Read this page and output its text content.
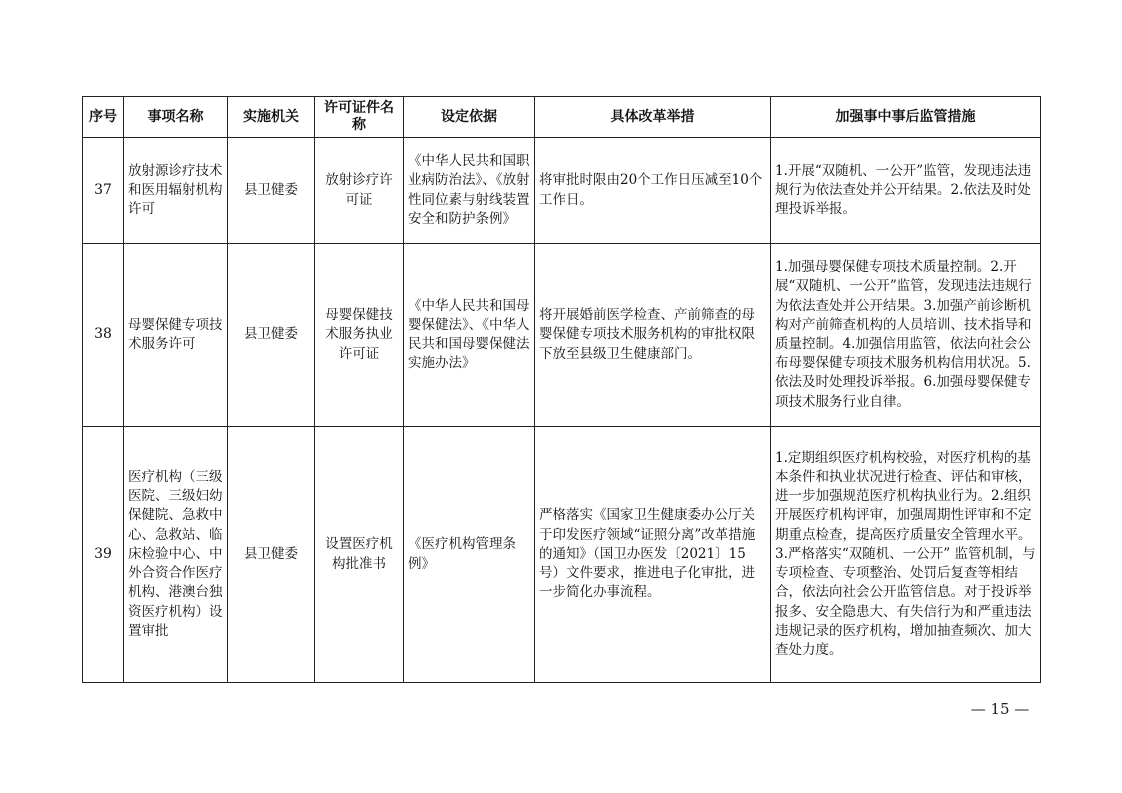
序号	事项名称	实施机关	许可证件名称	设定依据	具体改革举措	加强事中事后监管措施
37	放射源诊疗技术和医用辐射机构许可	县卫健委	放射诊疗许可证	《中华人民共和国职业病防治法》、《放射性同位素与射线装置安全和防护条例》	将审批时限由20个工作日压减至10个工作日。	1.开展“双随机、一公开”监管，发现违法违规行为依法查处并公开结果。2.依法及时处理投诉举报。
38	母婴保健专项技术服务许可	县卫健委	母婴保健技术服务执业许可证	《中华人民共和国母婴保健法》、《中华人民共和国母婴保健法实施办法》	将开展婚前医学检查、产前筛查的母婴保健专项技术服务机构的审批权限下放至县级卫生健康部门。	1.加强母婴保健专项技术质量控制。2.开展“双随机、一公开”监管，发现违法违规行为依法查处并公开结果。3.加强产前诊断机构对产前筛查机构的人员培训、技术指导和质量控制。4.加强信用监管，依法向社会公布母婴保健专项技术服务机构信用状况。5.依法及时处理投诉举报。6.加强母婴保健专项技术服务行业自律。
39	医疗机构（三级医院、三级妇幼保健院、急救中心、急救站、临床检验中心、中外合资合作医疗机构、港澳台独资医疗机构）设置审批	县卫健委	设置医疗机构批准书	《医疗机构管理条例》	严格落实《国家卫生健康委办公厅关于印发医疗领域“证照分离”改革措施的通知》（国卫办医发〔2021〕15号）文件要求，推进电子化审批，进一步简化办事流程。	1.定期组织医疗机构校验，对医疗机构的基本条件和执业状况进行检查、评估和审核，进一步加强规范医疗机构执业行为。2.组织开展医疗机构评审，加强周期性评审和不定期重点检查，提高医疗质量安全管理水平。3.严格落实“双随机、一公开” 监管机制，与专项检查、专项整治、处罚后复查等相结合，依法向社会公开监管信息。对于投诉举报多、安全隐患大、有失信行为和严重违法违规记录的医疗机构，增加抽查频次、加大查处力度。
— 15 —
